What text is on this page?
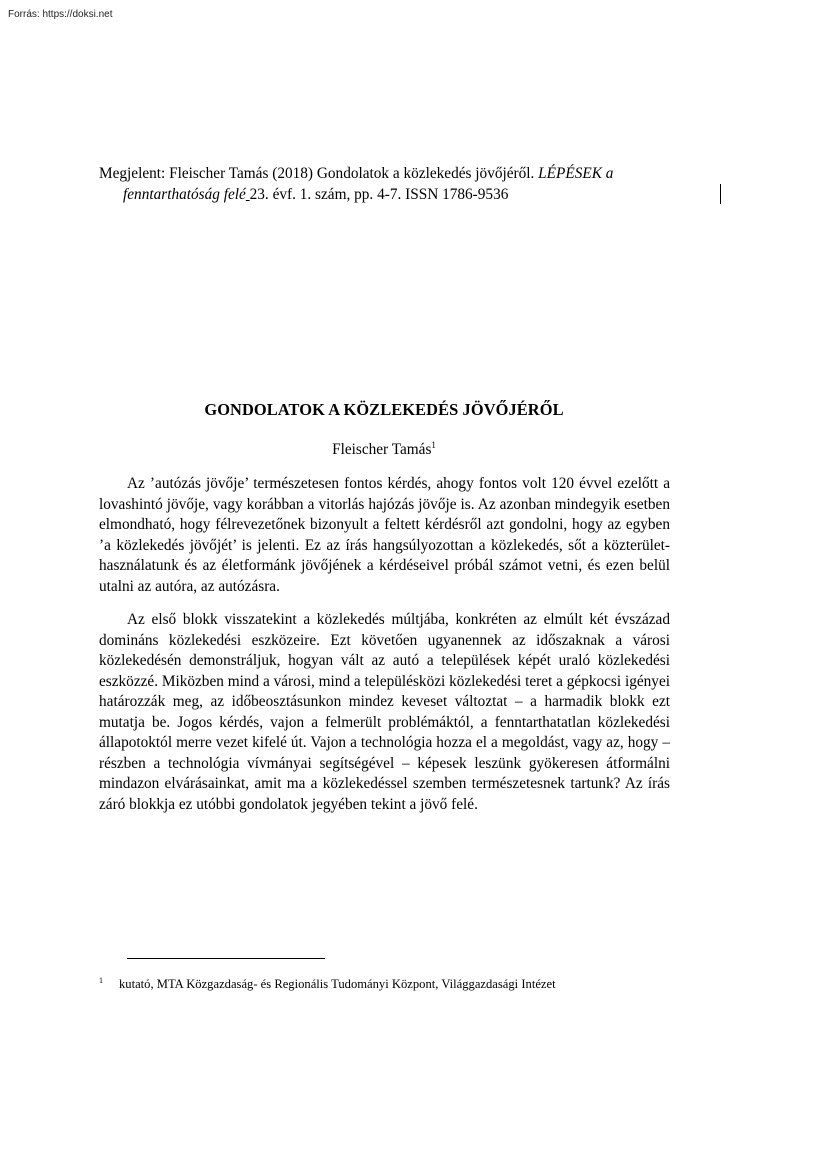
Forrás: https://doksi.net
Megjelent: Fleischer Tamás (2018) Gondolatok a közlekedés jövőjéről. LÉPÉSEK a
fenntarthatóság felé 23. évf. 1. szám, pp. 4-7. ISSN 1786-9536
GONDOLATOK A KÖZLEKEDÉS JÖVŐJÉRŐL
Fleischer Tamás$^1$

Az ’autózás jövője’ természetesen fontos kérdés, ahogy fontos volt 120 évvel ezelőtt a lovashintó jövője, vagy korábban a vitorlás hajózás jövője is. Az azonban mindegyik esetben elmondható, hogy félrevezetőnek bizonyult a feltett kérdésről azt gondolni, hogy az egyben ’a közlekedés jövőjét’ is jelenti. Ez az írás hangsúlyozottan a közlekedés, sőt a közterület-használatunk és az életformánk jövőjének a kérdéseivel próbál számot vetni, és ezen belül utalni az autóra, az autózásra.

Az első blokk visszatekint a közlekedés múltjába, konkréten az elmúlt két évszázad domináns közlekedési eszközeire. Ezt követően ugyanennek az időszaknak a városi közlekedésén demonstráljuk, hogyan vált az autó a települések képét uraló közlekedési eszközzé. Miközben mind a városi, mind a településközi közlekedési teret a gépkocsi igényei határozzák meg, az időbeosztásunkon mindez keveset változtat – a harmadik blokk ezt mutatja be. Jogos kérdés, vajon a felmerült problémáktól, a fenntarthatatlan közlekedési állapotoktól merre vezet kifelé út. Vajon a technológia hozza el a megoldást, vagy az, hogy – részben a technológia vívmányai segítségével – képesek leszünk gyökeresen átformálni mindazon elvárásainkat, amit ma a közlekedéssel szemben természetesnek tartunk? Az írás záró blokkja ez utóbbi gondolatok jegyében tekint a jövő felé.

$^1$ kutató, MTA Közgazdaság- és Regionális Tudományi Központ, Világgazdasági Intézet
